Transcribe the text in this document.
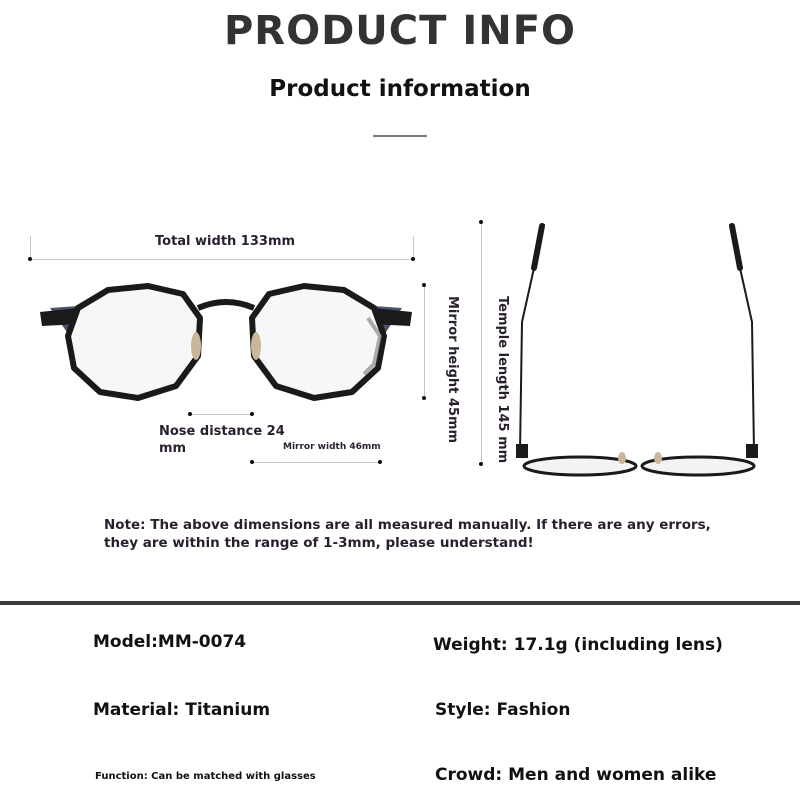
PRODUCT INFO
Product information
Total width 133mm
Mirror height 45mm
Nose distance 24
mm	Mirror width 46mm	Temple length 145 mm
Note: The above dimensions are all measured manually. If there are any errors, they are within the range of 1-3mm, please understand!
Model:MM-0074	Weight: 17.1g (including lens)
Material: Titanium	Style: Fashion
Function: Can be matched with glasses	Crowd: Men and women alike
